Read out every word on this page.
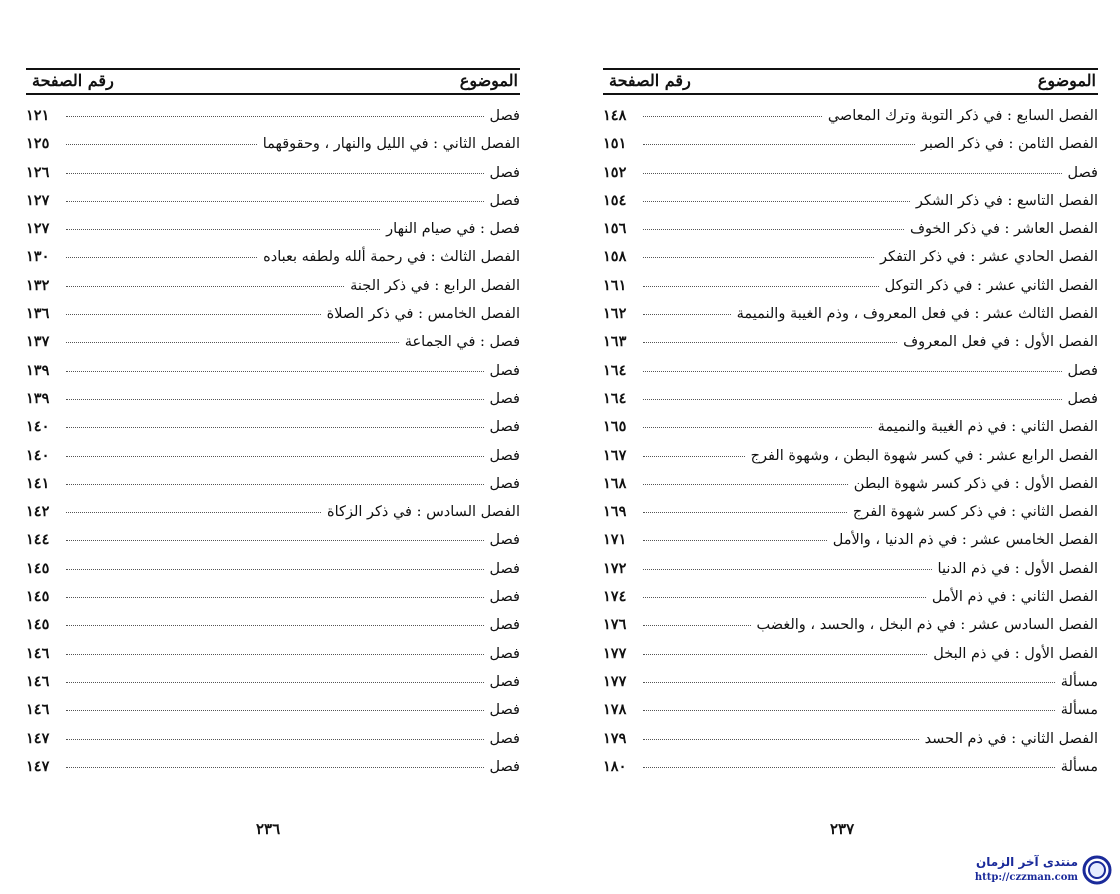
الموضوع
رقم الصفحة
الفصل السابع : في ذكر التوبة وترك المعاصي
١٤٨
الفصل الثامن : في ذكر الصبر
١٥١
فصل
١٥٢
الفصل التاسع : في ذكر الشكر
١٥٤
الفصل العاشر : في ذكر الخوف
١٥٦
الفصل الحادي عشر : في ذكر التفكر
١٥٨
الفصل الثاني عشر : في ذكر التوكل
١٦١
الفصل الثالث عشر : في فعل المعروف ، وذم الغيبة والنميمة
١٦٢
الفصل الأول : في فعل المعروف
١٦٣
فصل
١٦٤
فصل
١٦٤
الفصل الثاني : في ذم الغيبة والنميمة
١٦٥
الفصل الرابع عشر : في كسر شهوة البطن ، وشهوة الفرج
١٦٧
الفصل الأول : في ذكر كسر شهوة البطن
١٦٨
الفصل الثاني : في ذكر كسر شهوة الفرج
١٦٩
الفصل الخامس عشر : في ذم الدنيا ، والأمل
١٧١
الفصل الأول : في ذم الدنيا
١٧٢
الفصل الثاني : في ذم الأمل
١٧٤
الفصل السادس عشر : في ذم البخل ، والحسد ، والغضب
١٧٦
الفصل الأول : في ذم البخل
١٧٧
مسألة
١٧٧
مسألة
١٧٨
الفصل الثاني : في ذم الحسد
١٧٩
مسألة
١٨٠
الموضوع
رقم الصفحة
فصل
١٢١
الفصل الثاني : في الليل والنهار ، وحقوقهما
١٢٥
فصل
١٢٦
فصل
١٢٧
فصل : في صيام النهار
١٢٧
الفصل الثالث : في رحمة ألله ولطفه بعباده
١٣٠
الفصل الرابع : في ذكر الجنة
١٣٢
الفصل الخامس : في ذكر الصلاة
١٣٦
فصل : في الجماعة
١٣٧
فصل
١٣٩
فصل
١٣٩
فصل
١٤٠
فصل
١٤٠
فصل
١٤١
الفصل السادس : في ذكر الزكاة
١٤٢
فصل
١٤٤
فصل
١٤٥
فصل
١٤٥
فصل
١٤٥
فصل
١٤٦
فصل
١٤٦
فصل
١٤٦
فصل
١٤٧
فصل
١٤٧
٢٣٦	٢٣٧
منتدى آخر الزمان
http://czzman.com
